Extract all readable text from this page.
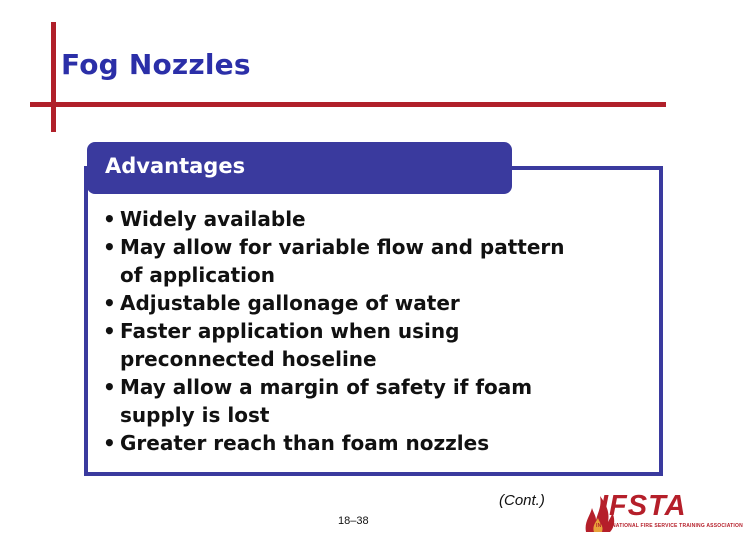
Fog Nozzles
Advantages
• Widely available
• May allow for variable flow and pattern
of application
• Adjustable gallonage of water
• Faster application when using
preconnected hoseline
• May allow a margin of safety if foam
supply is lost
• Greater reach than foam nozzles
(Cont.)
18–38	IFSTA
INTERNATIONAL FIRE SERVICE TRAINING ASSOCIATION
